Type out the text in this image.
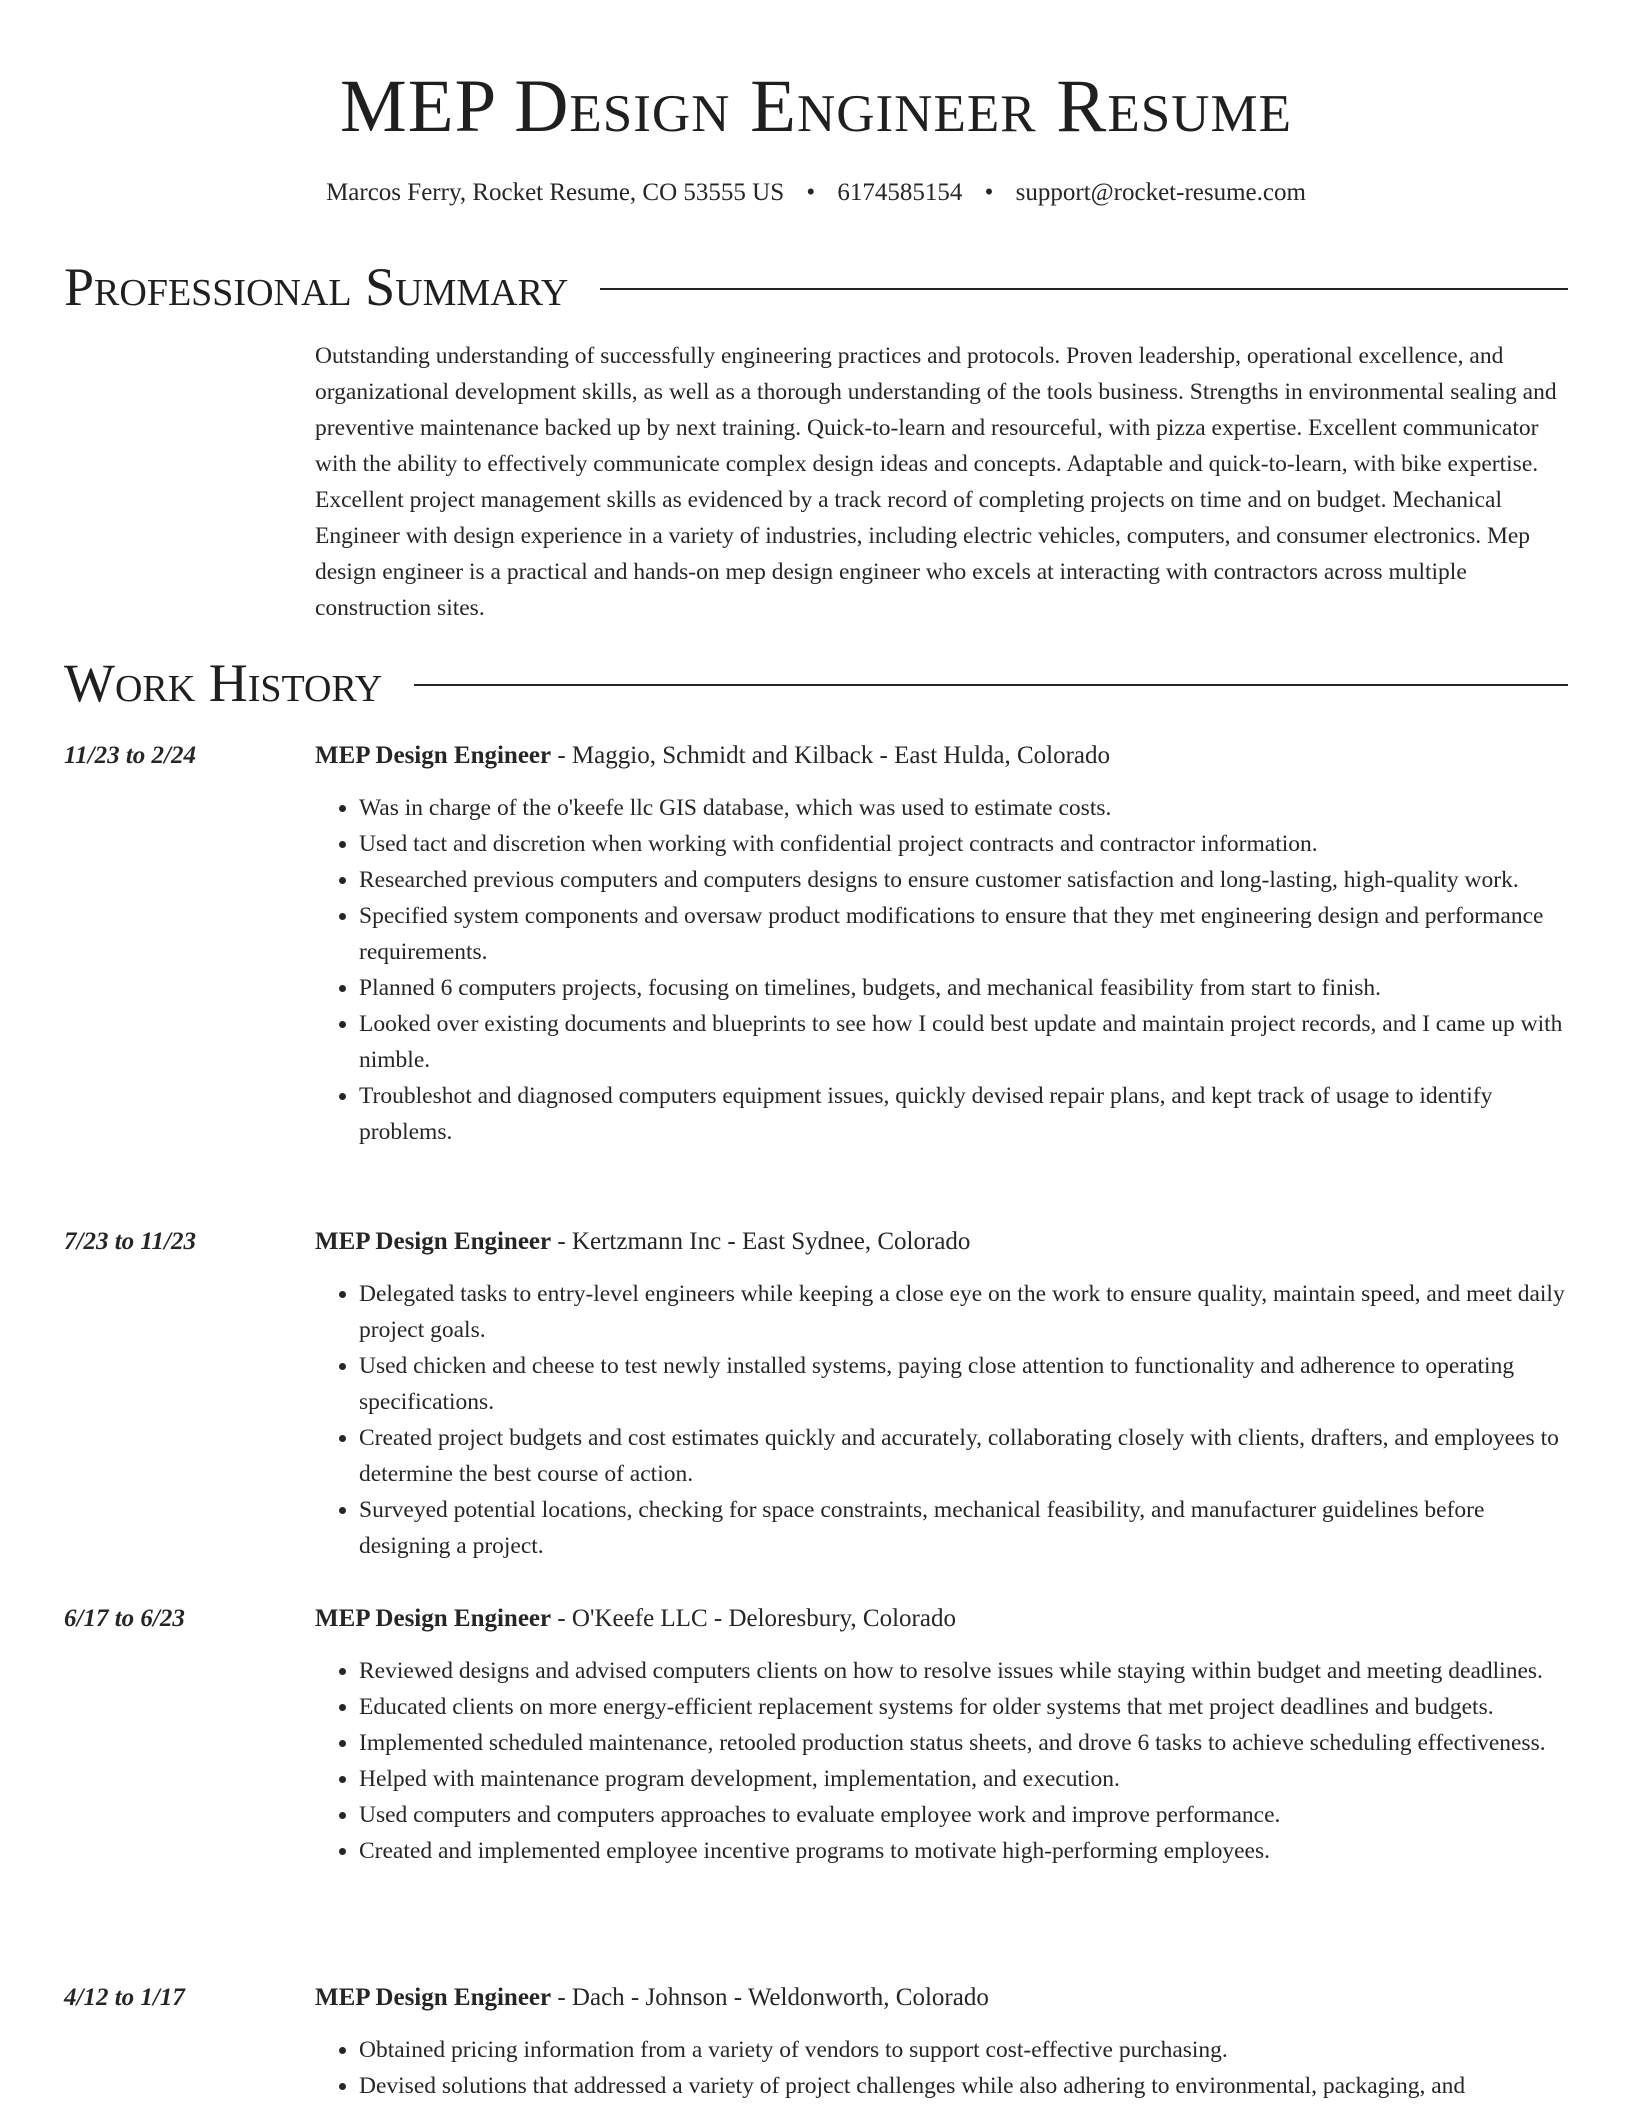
MEP Design Engineer Resume
Marcos Ferry, Rocket Resume, CO 53555 US • 6174585154 • support@rocket-resume.com
Professional Summary

Outstanding understanding of successfully engineering practices and protocols. Proven leadership, operational excellence, and organizational development skills, as well as a thorough understanding of the tools business. Strengths in environmental sealing and preventive maintenance backed up by next training. Quick-to-learn and resourceful, with pizza expertise. Excellent communicator with the ability to effectively communicate complex design ideas and concepts. Adaptable and quick-to-learn, with bike expertise. Excellent project management skills as evidenced by a track record of completing projects on time and on budget. Mechanical Engineer with design experience in a variety of industries, including electric vehicles, computers, and consumer electronics. Mep design engineer is a practical and hands-on mep design engineer who excels at interacting with contractors across multiple construction sites.

Work History
11/23 to 2/24	MEP Design Engineer - Maggio, Schmidt and Kilback - East Hulda, Colorado
• Was in charge of the o'keefe llc GIS database, which was used to estimate costs.
• Used tact and discretion when working with confidential project contracts and contractor information.
• Researched previous computers and computers designs to ensure customer satisfaction and long-lasting, high-quality work.
• Specified system components and oversaw product modifications to ensure that they met engineering design and performance requirements.
• Planned 6 computers projects, focusing on timelines, budgets, and mechanical feasibility from start to finish.
• Looked over existing documents and blueprints to see how I could best update and maintain project records, and I came up with nimble.
• Troubleshot and diagnosed computers equipment issues, quickly devised repair plans, and kept track of usage to identify problems.
7/23 to 11/23	MEP Design Engineer - Kertzmann Inc - East Sydnee, Colorado
• Delegated tasks to entry-level engineers while keeping a close eye on the work to ensure quality, maintain speed, and meet daily project goals.
• Used chicken and cheese to test newly installed systems, paying close attention to functionality and adherence to operating specifications.
• Created project budgets and cost estimates quickly and accurately, collaborating closely with clients, drafters, and employees to determine the best course of action.
• Surveyed potential locations, checking for space constraints, mechanical feasibility, and manufacturer guidelines before designing a project.
6/17 to 6/23	MEP Design Engineer - O'Keefe LLC - Deloresbury, Colorado
• Reviewed designs and advised computers clients on how to resolve issues while staying within budget and meeting deadlines.
• Educated clients on more energy-efficient replacement systems for older systems that met project deadlines and budgets.
• Implemented scheduled maintenance, retooled production status sheets, and drove 6 tasks to achieve scheduling effectiveness.
• Helped with maintenance program development, implementation, and execution.
• Used computers and computers approaches to evaluate employee work and improve performance.
• Created and implemented employee incentive programs to motivate high-performing employees.
4/12 to 1/17	MEP Design Engineer - Dach - Johnson - Weldonworth, Colorado
• Obtained pricing information from a variety of vendors to support cost-effective purchasing.
• Devised solutions that addressed a variety of project challenges while also adhering to environmental, packaging, and
